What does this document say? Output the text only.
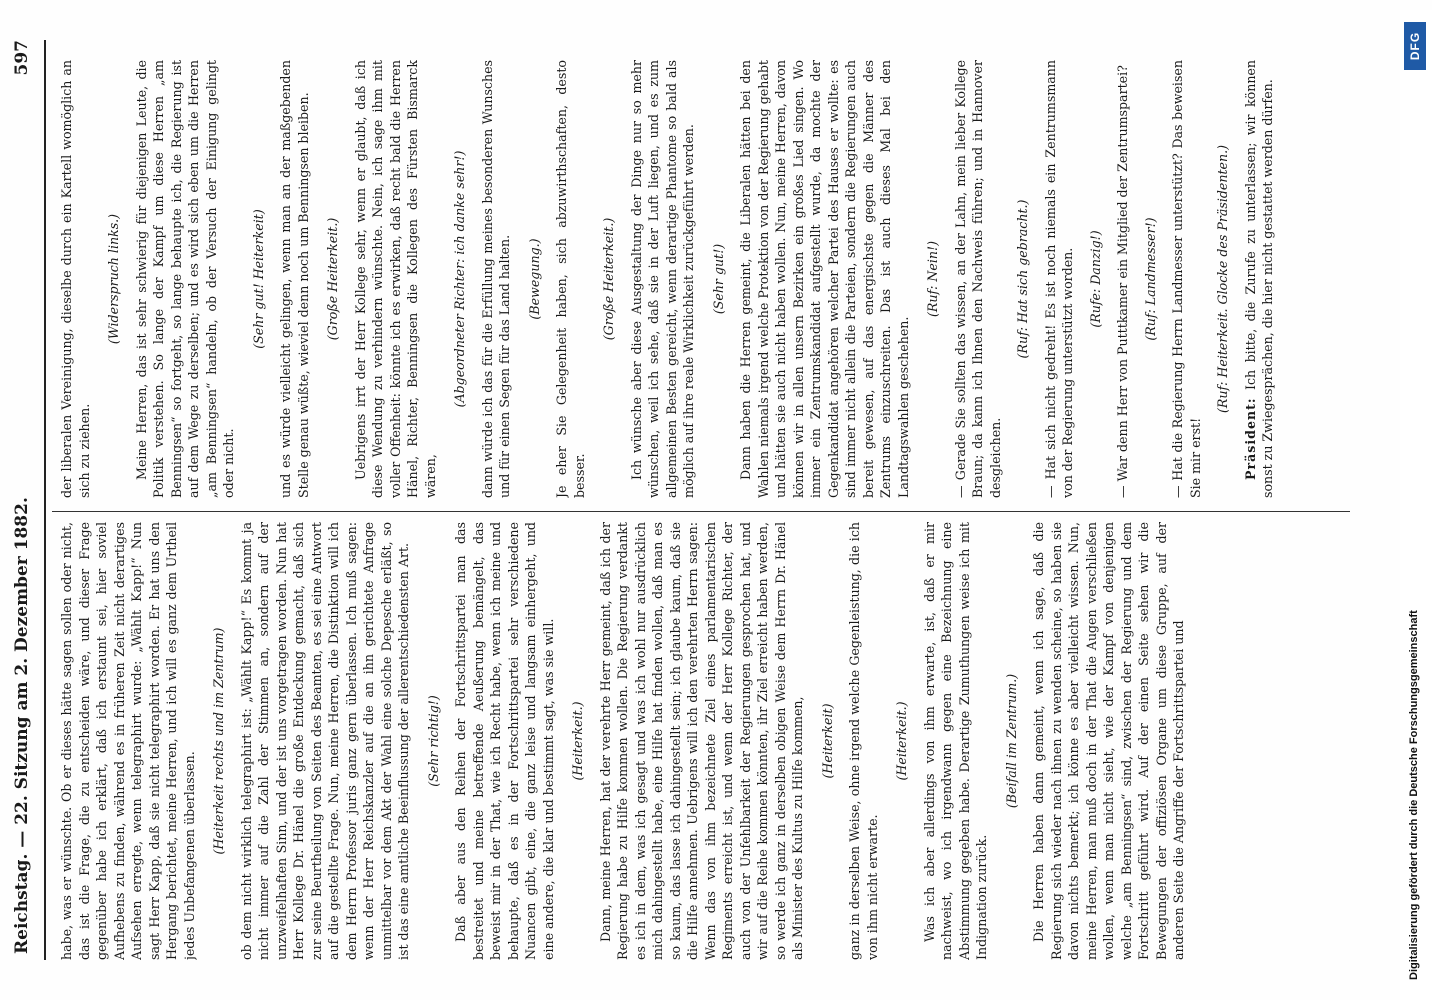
Reichstag. — 22. Sitzung am 2. Dezember 1882.
597

habe, was er wünschte. Ob er dieses hätte sagen sollen oder nicht, das ist die Frage, die zu entscheiden wäre, und dieser Frage gegenüber habe ich erklärt, daß ich erstaunt sei, hier soviel Aufhebens zu finden, während es in früheren Zeit nicht derartiges Aufsehen erregte, wenn telegraphirt wurde: „Wählt Kapp!“ Nun sagt Herr Kapp, daß sie nicht telegraphirt worden. Er hat uns den Hergang berichtet, meine Herren, und ich will es ganz dem Urtheil jedes Unbefangenen überlassen.

(Heiterkeit rechts und im Zentrum) ob dem nicht wirklich telegraphirt ist: „Wählt Kapp!“ Es kommt ja nicht immer auf die Zahl der Stimmen an, sondern auf der unzweifelhaften Sinn, und der ist uns vorgetragen worden. Nun hat Herr Kollege Dr. Hänel die große Entdeckung gemacht, daß sich zur seine Beurtheilung von Seiten des Beamten, es sei eine Antwort auf die gestellte Frage. Nun, meine Herren, die Distinktion will ich dem Herrn Professor juris ganz gern überlassen. Ich muß sagen: wenn der Herr Reichskanzler auf die an ihn gerichtete Anfrage unmittelbar vor dem Akt der Wahl eine solche Depesche erläßt, so ist das eine amtliche Beeinflussung der allerentschiedensten Art. (Sehr richtig!) Daß aber aus den Reihen der Fortschrittspartei man das bestreitet und meine betreffende Aeußerung bemängelt, das beweist mir in der That, wie ich Recht habe, wenn ich meine und behaupte, daß es in der Fortschrittspartei sehr verschiedene Nuancen gibt, eine, die ganz leise und langsam einhergeht, und eine andere, die klar und bestimmt sagt, was sie will. (Heiterkeit.) Dann, meine Herren, hat der verehrte Herr gemeint, daß ich der Regierung habe zu Hilfe kommen wollen. Die Regierung verdankt es ich in dem, was ich gesagt und was ich wohl nur ausdrücklich mich dahingestellt habe, eine Hilfe hat finden wollen, daß man es so kaum, das lasse ich dahingestellt sein; ich glaube kaum, daß sie die Hilfe annehmen. Uebrigens will ich den verehrten Herrn sagen: Wenn das von ihm bezeichnete Ziel eines parlamentarischen Regiments erreicht ist, und wenn der Herr Kollege Richter, der auch von der Unfehlbarkeit der Regierungen gesprochen hat, und wir auf die Reihe kommen könnten, ihr Ziel erreicht haben werden, so werde ich ganz in derselben obigen Weise dem Herrn Dr. Hänel als Minister des Kultus zu Hilfe kommen, (Heiterkeit) ganz in derselben Weise, ohne irgend welche Gegenleistung, die ich von ihm nicht erwarte.

(Heiterkeit.) Was ich aber allerdings von ihm erwarte, ist, daß er mir nachweist, wo ich irgendwann gegen eine Bezeichnung eine Abstimmung gegeben habe. Derartige Zumuthungen weise ich mit Indignation zurück.

(Beifall im Zentrum.) Die Herren haben dann gemeint, wenn ich sage, daß die Regierung sich wieder nach ihnen zu wenden scheine, so haben sie davon nichts bemerkt; ich könne es aber vielleicht wissen. Nun, meine Herren, man muß doch in der That die Augen verschließen wollen, wenn man nicht sieht, wie der Kampf von denjenigen welche „am Benningsen“ sind, zwischen der Regierung und dem Fortschritt geführt wird. Auf der einen Seite sehen wir die Bewegungen der offiziösen Organe um diese Gruppe, auf der anderen Seite die Angriffe der Fortschrittspartei und

der liberalen Vereinigung, dieselbe durch ein Kartell womöglich an sich zu ziehen.

(Widerspruch links.) Meine Herren, das ist sehr schwierig für diejenigen Leute, die Politik verstehen. So lange der Kampf um diese Herren „am Benningsen“ so fortgeht, so lange behaupte ich, die Regierung ist auf dem Wege zu derselben; und es wird sich eben um die Herren „am Benningsen“ handeln, ob der Versuch der Einigung gelingt oder nicht.

(Sehr gut! Heiterkeit) und es würde vielleicht gelingen, wenn man an der maßgebenden Stelle genau wüßte, wieviel denn noch um Benningsen bleiben. (Große Heiterkeit.) Uebrigens irrt der Herr Kollege sehr, wenn er glaubt, daß ich diese Wendung zu verhindern wünschte. Nein, ich sage ihm mit voller Offenheit: könnte ich es erwirken, daß recht bald die Herren Hänel, Richter, Benningsen die Kollegen des Fürsten Bismarck wären,

(Abgeordneter Richter: ich danke sehr!) dann würde ich das für die Erfüllung meines besonderen Wunsches und für einen Segen für das Land halten. (Bewegung.) Je eher Sie Gelegenheit haben, sich abzuwirthschaften, desto besser.

(Große Heiterkeit.) Ich wünsche aber diese Ausgestaltung der Dinge nur so mehr wünschen, weil ich sehe, daß sie in der Luft liegen, und es zum allgemeinen Besten gereicht, wenn derartige Phantome so bald als möglich auf ihre reale Wirklichkeit zurückgeführt werden. (Sehr gut!) Dann haben die Herren gemeint, die Liberalen hätten bei den Wahlen niemals irgend welche Protektion von der Regierung gehabt und hätten sie auch nicht haben wollen. Nun, meine Herren, davon können wir in allen unsern Bezirken ein großes Lied singen. Wo immer ein Zentrumskandidat aufgestellt wurde, da mochte der Gegenkandidat angehören welcher Partei des Hauses er wollte: es sind immer nicht allein die Parteien, sondern die Regierungen auch bereit gewesen, auf das energischste gegen die Männer des Zentrums einzuschreiten. Das ist auch dieses Mal bei den Landtagswahlen geschehen.

(Ruf: Nein!) — Gerade Sie sollten das wissen, an der Lahn, mein lieber Kollege Braun; da kann ich Ihnen den Nachweis führen; und in Hannover desgleichen.

(Ruf: Hat sich gebracht.) — Hat sich nicht gedreht! Es ist noch niemals ein Zentrumsmann von der Regierung unterstützt worden. (Rufe: Danzig!) — War denn Herr von Putttkamer ein Mitglied der Zentrumspartei? (Ruf: Landmesser!) — Hat die Regierung Herrn Landmesser unterstützt? Das beweisen Sie mir erst!

(Ruf: Heiterkeit. Glocke des Präsidenten.)

Präsident: Ich bitte, die Zurufe zu unterlassen; wir können sonst zu Zwiegesprächen, die hier nicht gestattet werden dürfen.

Digitalisierung gefördert durch die Deutsche Forschungsgemeinschaft
DFG
